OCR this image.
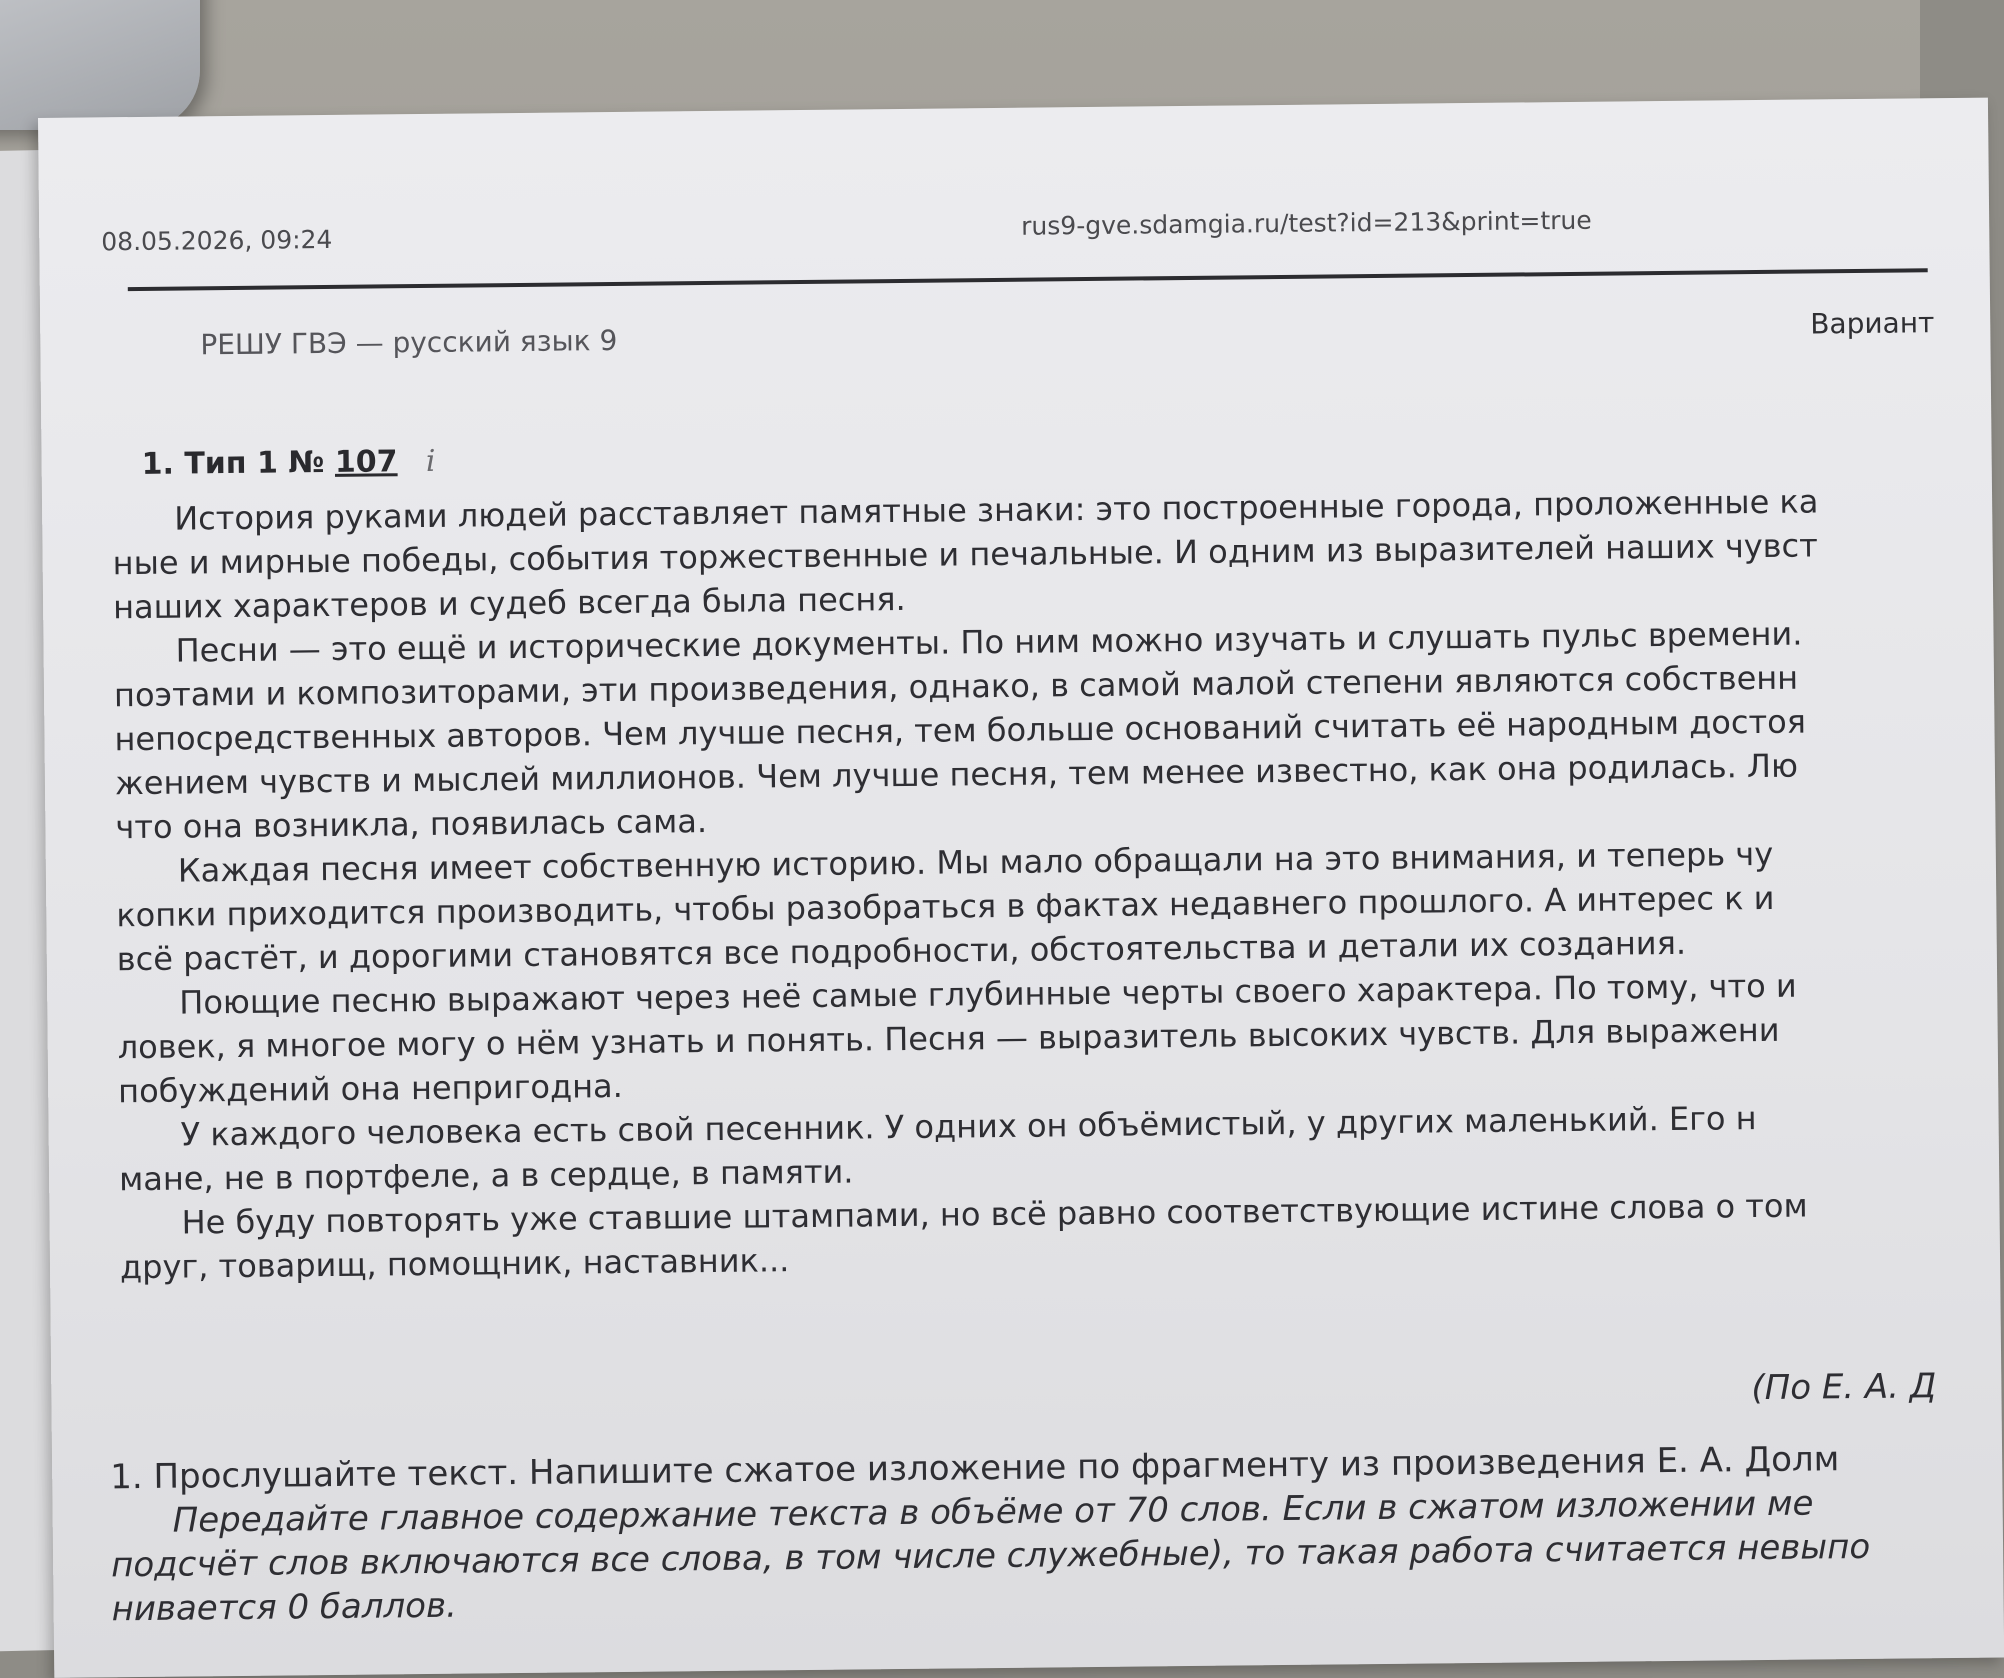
08.05.2026, 09:24	rus9-gve.sdamgia.ru/test?id=213&print=true
РЕШУ ГВЭ — русский язык 9
Вариант
1. Тип 1 № 107 i

История руками людей расставляет памятные знаки: это построенные города, проложенные ка
ные и мирные победы, события торжественные и печальные. И одним из выразителей наших чувст
наших характеров и судеб всегда была песня.

Песни — это ещё и исторические документы. По ним можно изучать и слушать пульс времени.
поэтами и композиторами, эти произведения, однако, в самой малой степени являются собственн
непосредственных авторов. Чем лучше песня, тем больше оснований считать её народным достоя
жением чувств и мыслей миллионов. Чем лучше песня, тем менее известно, как она родилась. Лю
что она возникла, появилась сама.

Каждая песня имеет собственную историю. Мы мало обращали на это внимания, и теперь чу
копки приходится производить, чтобы разобраться в фактах недавнего прошлого. А интерес к и
всё растёт, и дорогими становятся все подробности, обстоятельства и детали их создания.

Поющие песню выражают через неё самые глубинные черты своего характера. По тому, что и
ловек, я многое могу о нём узнать и понять. Песня — выразитель высоких чувств. Для выражени
побуждений она непригодна.

У каждого человека есть свой песенник. У одних он объёмистый, у других маленький. Его н
мане, не в портфеле, а в сердце, в памяти.

Не буду повторять уже ставшие штампами, но всё равно соответствующие истине слова о том
друг, товарищ, помощник, наставник...

(По Е. А. Д
1. Прослушайте текст. Напишите сжатое изложение по фрагменту из произведения Е. А. Долм
Передайте главное содержание текста в объёме от 70 слов. Если в сжатом изложении ме
подсчёт слов включаются все слова, в том числе служебные), то такая работа считается невыпо
нивается 0 баллов.
